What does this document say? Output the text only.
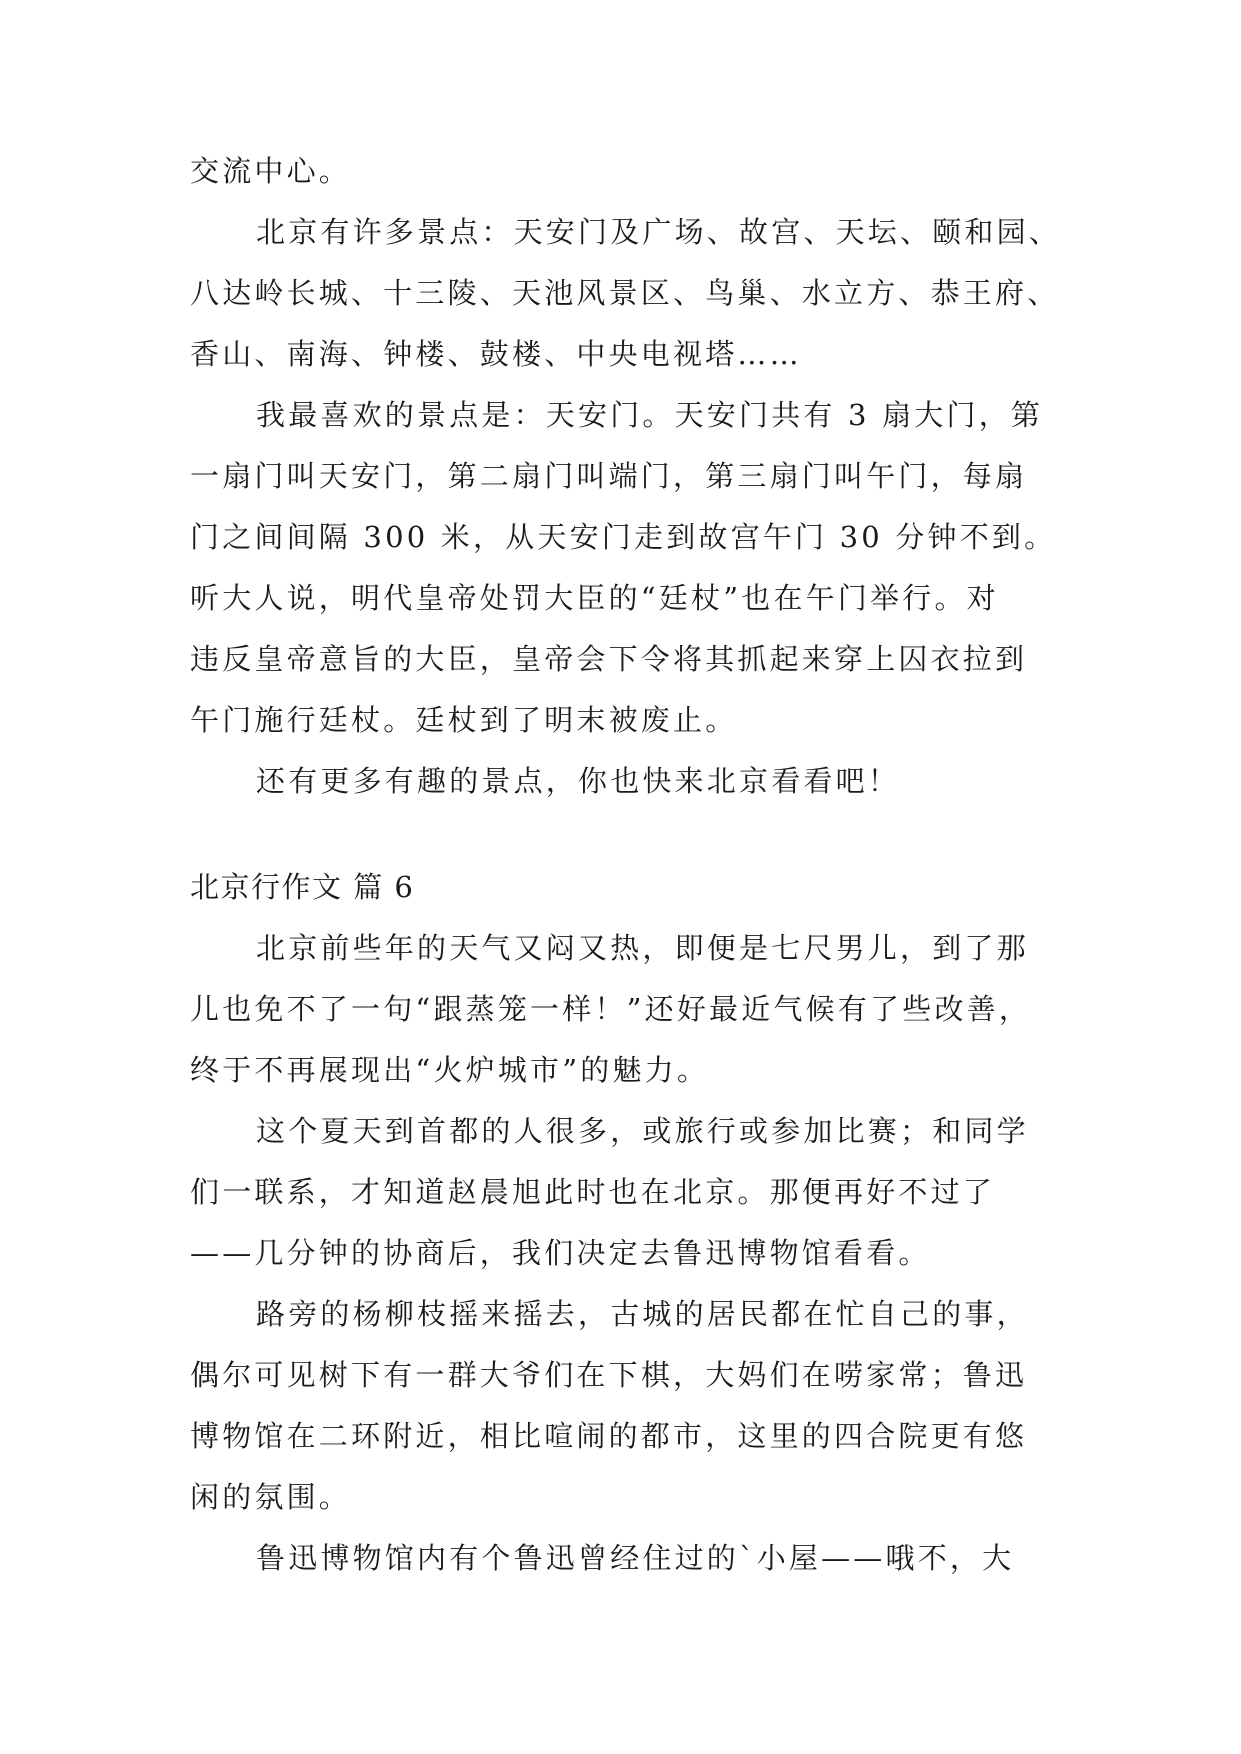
交流中心。
北京有许多景点：天安门及广场、故宫、天坛、颐和园、
八达岭长城、十三陵、天池风景区、鸟巢、水立方、恭王府、
香山、南海、钟楼、鼓楼、中央电视塔……
我最喜欢的景点是：天安门。天安门共有 3 扇大门，第
一扇门叫天安门，第二扇门叫端门，第三扇门叫午门，每扇
门之间间隔 300 米，从天安门走到故宫午门 30 分钟不到。
听大人说，明代皇帝处罚大臣的“廷杖”也在午门举行。对
违反皇帝意旨的大臣，皇帝会下令将其抓起来穿上囚衣拉到
午门施行廷杖。廷杖到了明末被废止。
还有更多有趣的景点，你也快来北京看看吧！
北京行作文 篇 6
北京前些年的天气又闷又热，即便是七尺男儿，到了那
儿也免不了一句“跟蒸笼一样！”还好最近气候有了些改善，
终于不再展现出“火炉城市”的魅力。
这个夏天到首都的人很多，或旅行或参加比赛；和同学
们一联系，才知道赵晨旭此时也在北京。那便再好不过了
——几分钟的协商后，我们决定去鲁迅博物馆看看。
路旁的杨柳枝摇来摇去，古城的居民都在忙自己的事，
偶尔可见树下有一群大爷们在下棋，大妈们在唠家常；鲁迅
博物馆在二环附近，相比喧闹的都市，这里的四合院更有悠
闲的氛围。
鲁迅博物馆内有个鲁迅曾经住过的`小屋——哦不，大
